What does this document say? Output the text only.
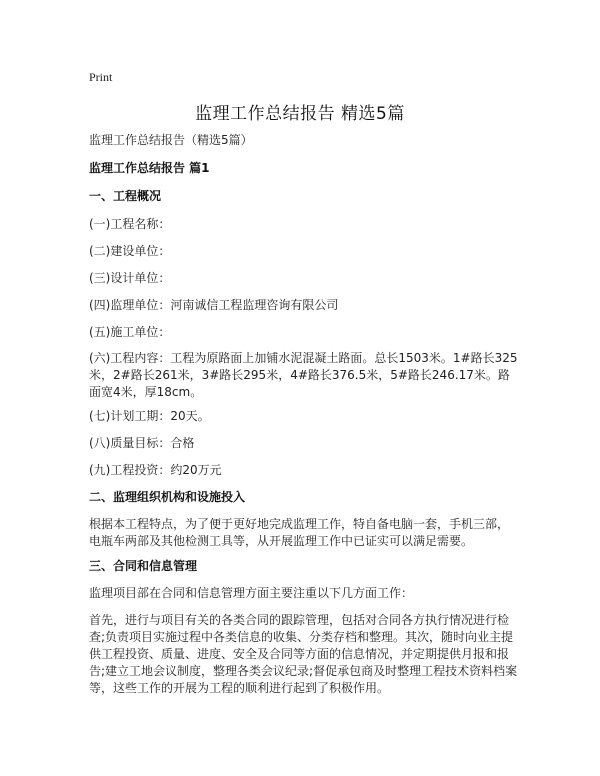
Print
监理工作总结报告 精选5篇
监理工作总结报告（精选5篇）
监理工作总结报告 篇1
一、工程概况
(一)工程名称：
(二)建设单位：
(三)设计单位：
(四)监理单位：河南诚信工程监理咨询有限公司
(五)施工单位：
(六)工程内容：工程为原路面上加铺水泥混凝土路面。总长1503米。1#路长325米，2#路长261米，3#路长295米，4#路长376.5米，5#路长246.17米。路面宽4米，厚18cm。
(七)计划工期：20天。
(八)质量目标：合格
(九)工程投资：约20万元
二、监理组织机构和设施投入
根据本工程特点，为了便于更好地完成监理工作，特自备电脑一套，手机三部，电瓶车两部及其他检测工具等，从开展监理工作中已证实可以满足需要。
三、合同和信息管理
监理项目部在合同和信息管理方面主要注重以下几方面工作：
首先，进行与项目有关的各类合同的跟踪管理，包括对合同各方执行情况进行检查;负责项目实施过程中各类信息的收集、分类存档和整理。其次，随时向业主提供工程投资、质量、进度、安全及合同等方面的信息情况，并定期提供月报和报告;建立工地会议制度，整理各类会议纪录;督促承包商及时整理工程技术资料档案等，这些工作的开展为工程的顺利进行起到了积极作用。
